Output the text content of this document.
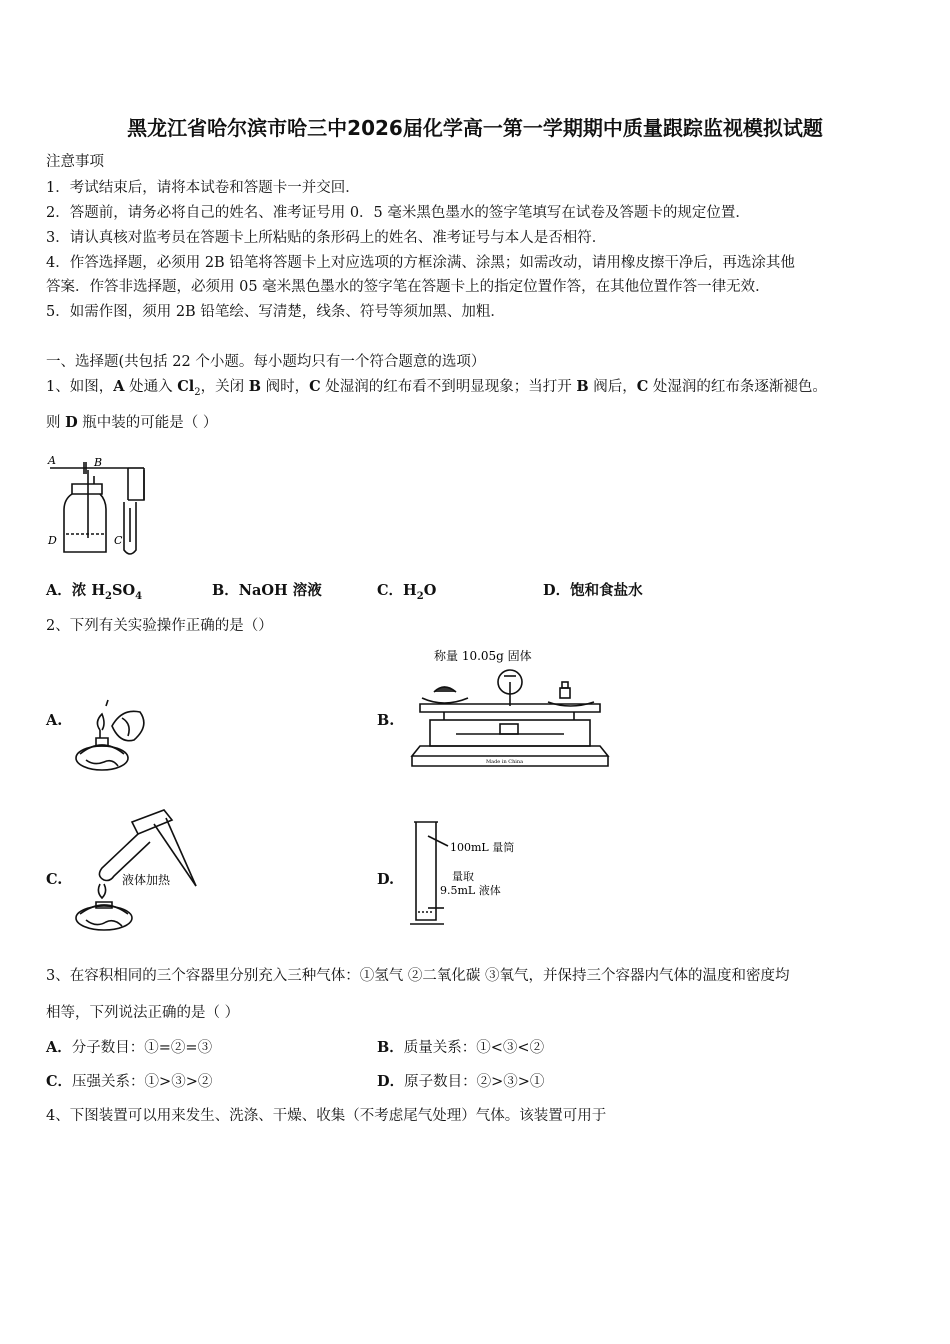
黑龙江省哈尔滨市哈三中2026届化学高一第一学期期中质量跟踪监视模拟试题
注意事项
1．考试结束后，请将本试卷和答题卡一并交回．
2．答题前，请务必将自己的姓名、准考证号用 0．5 毫米黑色墨水的签字笔填写在试卷及答题卡的规定位置．
3．请认真核对监考员在答题卡上所粘贴的条形码上的姓名、准考证号与本人是否相符．
4．作答选择题，必须用 2B 铅笔将答题卡上对应选项的方框涂满、涂黑；如需改动，请用橡皮擦干净后，再选涂其他
答案．作答非选择题，必须用 05 毫米黑色墨水的签字笔在答题卡上的指定位置作答，在其他位置作答一律无效．
5．如需作图，须用 2B 铅笔绘、写清楚，线条、符号等须加黑、加粗．
一、选择题(共包括 22 个小题。每小题均只有一个符合题意的选项）
1、如图，A 处通入 $Cl_2$，关闭 B 阀时，C 处湿润的红布看不到明显现象；当打开 B 阀后，C 处湿润的红布条逐渐褪色。
则 D 瓶中装的可能是（ ）
A	B
D	C
A．浓 $H_2SO_4$	B．NaOH 溶液	C．$H_2O$	D．饱和食盐水
2、下列有关实验操作正确的是（）
A.	B.
称量 10.05g 固体
Made in China
C.	液体加热	D.
100mL 量筒
量取
9.5mL 液体
3、在容积相同的三个容器里分别充入三种气体：①氢气 ②二氧化碳 ③氧气，并保持三个容器内气体的温度和密度均
相等，下列说法正确的是（ ）
A．分子数目：①=②=③	B．质量关系：①<③<②
C．压强关系：①>③>②	D．原子数目：②>③>①
4、下图装置可以用来发生、洗涤、干燥、收集（不考虑尾气处理）气体。该装置可用于
